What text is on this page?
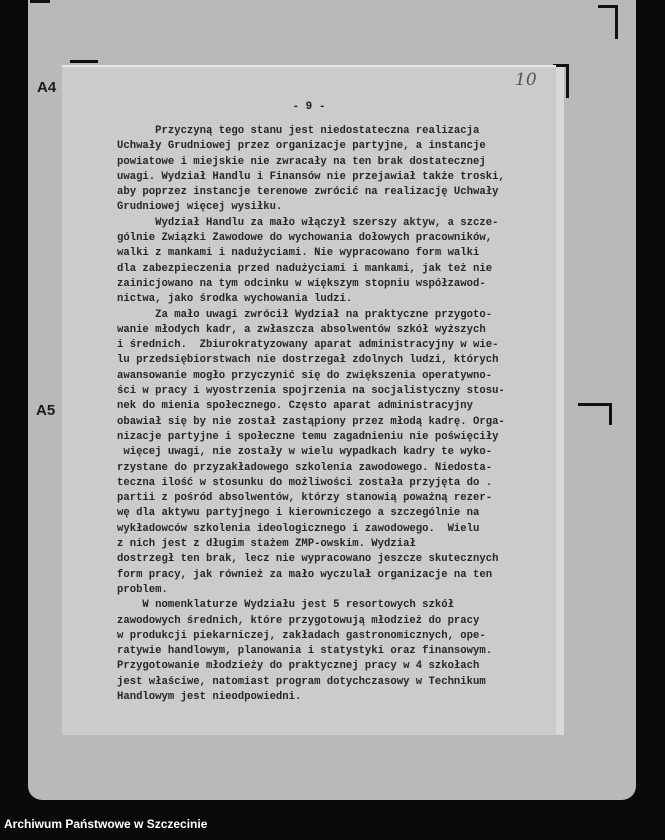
A4
A5
10
- 9 -
Przyczyną tego stanu jest niedostateczna realizacja
Uchwały Grudniowej przez organizacje partyjne, a instancje
powiatowe i miejskie nie zwracały na ten brak dostatecznej
uwagi. Wydział Handlu i Finansów nie przejawiał także troski,
aby poprzez instancje terenowe zwrócić na realizację Uchwały
Grudniowej więcej wysiłku.
Wydział Handlu za mało włączył szerszy aktyw, a szcze-
gólnie Związki Zawodowe do wychowania dołowych pracowników,
walki z mankami i nadużyciami. Nie wypracowano form walki
dla zabezpieczenia przed nadużyciami i mankami, jak też nie
zainicjowano na tym odcinku w większym stopniu współzawod-
nictwa, jako środka wychowania ludzi.
Za mało uwagi zwrócił Wydział na praktyczne przygoto-
wanie młodych kadr, a zwłaszcza absolwentów szkół wyższych
i średnich.  Zbiurokratyzowany aparat administracyjny w wie-
lu przedsiębiorstwach nie dostrzegał zdolnych ludzi, których
awansowanie mogło przyczynić się do zwiększenia operatywno-
ści w pracy i wyostrzenia spojrzenia na socjalistyczny stosu-
nek do mienia społecznego. Często aparat administracyjny
obawiał się by nie został zastąpiony przez młodą kadrę. Orga-
nizacje partyjne i społeczne temu zagadnieniu nie poświęciły
więcej uwagi, nie zostały w wielu wypadkach kadry te wyko-
rzystane do przyzakładowego szkolenia zawodowego. Niedosta-
teczna ilość w stosunku do możliwości została przyjęta do .
partii z pośród absolwentów, którzy stanowią poważną rezer-
wę dla aktywu partyjnego i kierowniczego a szczególnie na
wykładowców szkolenia ideologicznego i zawodowego.  Wielu
z nich jest z długim stażem ZMP-owskim. Wydział
dostrzegł ten brak, lecz nie wypracowano jeszcze skutecznych
form pracy, jak również za mało wyczulał organizacje na ten
problem.
W nomenklaturze Wydziału jest 5 resortowych szkół
zawodowych średnich, które przygotowują młodzież do pracy
w produkcji piekarniczej, zakładach gastronomicznych, ope-
ratywie handlowym, planowania i statystyki oraz finansowym.
Przygotowanie młodzieży do praktycznej pracy w 4 szkołach
jest właściwe, natomiast program dotychczasowy w Technikum
Handlowym jest nieodpowiedni.
Archiwum Państwowe w Szczecinie
